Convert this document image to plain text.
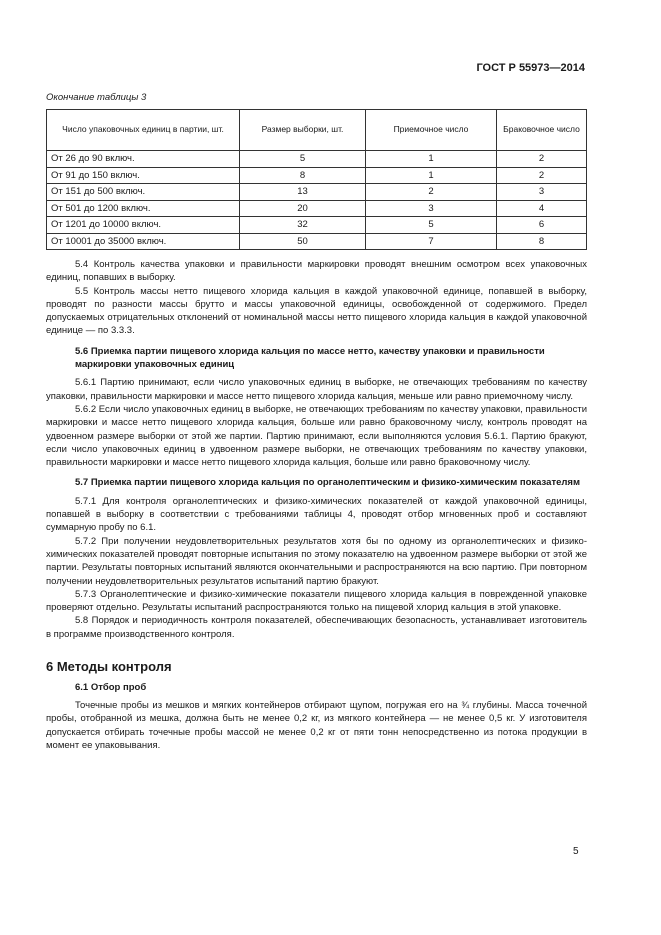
ГОСТ Р 55973—2014

Окончание таблицы 3

Число упаковочных единиц в партии, шт.	Размер выборки, шт.	Приемочное число	Браковочное число
От 26 до 90 включ.	5	1	2
От 91 до 150 включ.	8	1	2
От 151 до 500 включ.	13	2	3
От 501 до 1200 включ.	20	3	4
От 1201 до 10000 включ.	32	5	6
От 10001 до 35000 включ.	50	7	8

5.4 Контроль качества упаковки и правильности маркировки проводят внешним осмотром всех упаковочных единиц, попавших в выборку.

5.5 Контроль массы нетто пищевого хлорида кальция в каждой упаковочной единице, попавшей в выборку, проводят по разности массы брутто и массы упаковочной единицы, освобожденной от содержимого. Предел допускаемых отрицательных отклонений от номинальной массы нетто пищевого хлорида кальция в каждой упаковочной единице — по 3.3.3.

5.6 Приемка партии пищевого хлорида кальция по массе нетто, качеству упаковки и правильности маркировки упаковочных единиц

5.6.1 Партию принимают, если число упаковочных единиц в выборке, не отвечающих требованиям по качеству упаковки, правильности маркировки и массе нетто пищевого хлорида кальция, меньше или равно приемочному числу.

5.6.2 Если число упаковочных единиц в выборке, не отвечающих требованиям по качеству упаковки, правильности маркировки и массе нетто пищевого хлорида кальция, больше или равно браковочному числу, контроль проводят на удвоенном размере выборки от этой же партии. Партию принимают, если выполняются условия 5.6.1. Партию бракуют, если число упаковочных единиц в удвоенном размере выборки, не отвечающих требованиям по качеству упаковки, правильности маркировки и массе нетто пищевого хлорида кальция, больше или равно браковочному числу.

5.7 Приемка партии пищевого хлорида кальция по органолептическим и физико-химическим показателям

5.7.1 Для контроля органолептических и физико-химических показателей от каждой упаковочной единицы, попавшей в выборку в соответствии с требованиями таблицы 4, проводят отбор мгновенных проб и составляют суммарную пробу по 6.1.

5.7.2 При получении неудовлетворительных результатов хотя бы по одному из органолептических и физико-химических показателей проводят повторные испытания по этому показателю на удвоенном размере выборки от этой же партии. Результаты повторных испытаний являются окончательными и распространяются на всю партию. При повторном получении неудовлетворительных результатов испытаний партию бракуют.

5.7.3 Органолептические и физико-химические показатели пищевого хлорида кальция в поврежденной упаковке проверяют отдельно. Результаты испытаний распространяются только на пищевой хлорид кальция в этой упаковке.

5.8 Порядок и периодичность контроля показателей, обеспечивающих безопасность, устанавливает изготовитель в программе производственного контроля.

6 Методы контроля

6.1 Отбор проб

Точечные пробы из мешков и мягких контейнеров отбирают щупом, погружая его на ¾ глубины. Масса точечной пробы, отобранной из мешка, должна быть не менее 0,2 кг, из мягкого контейнера — не менее 0,5 кг. У изготовителя допускается отбирать точечные пробы массой не менее 0,2 кг от пяти тонн непосредственно из потока продукции в момент ее упаковывания.

5
